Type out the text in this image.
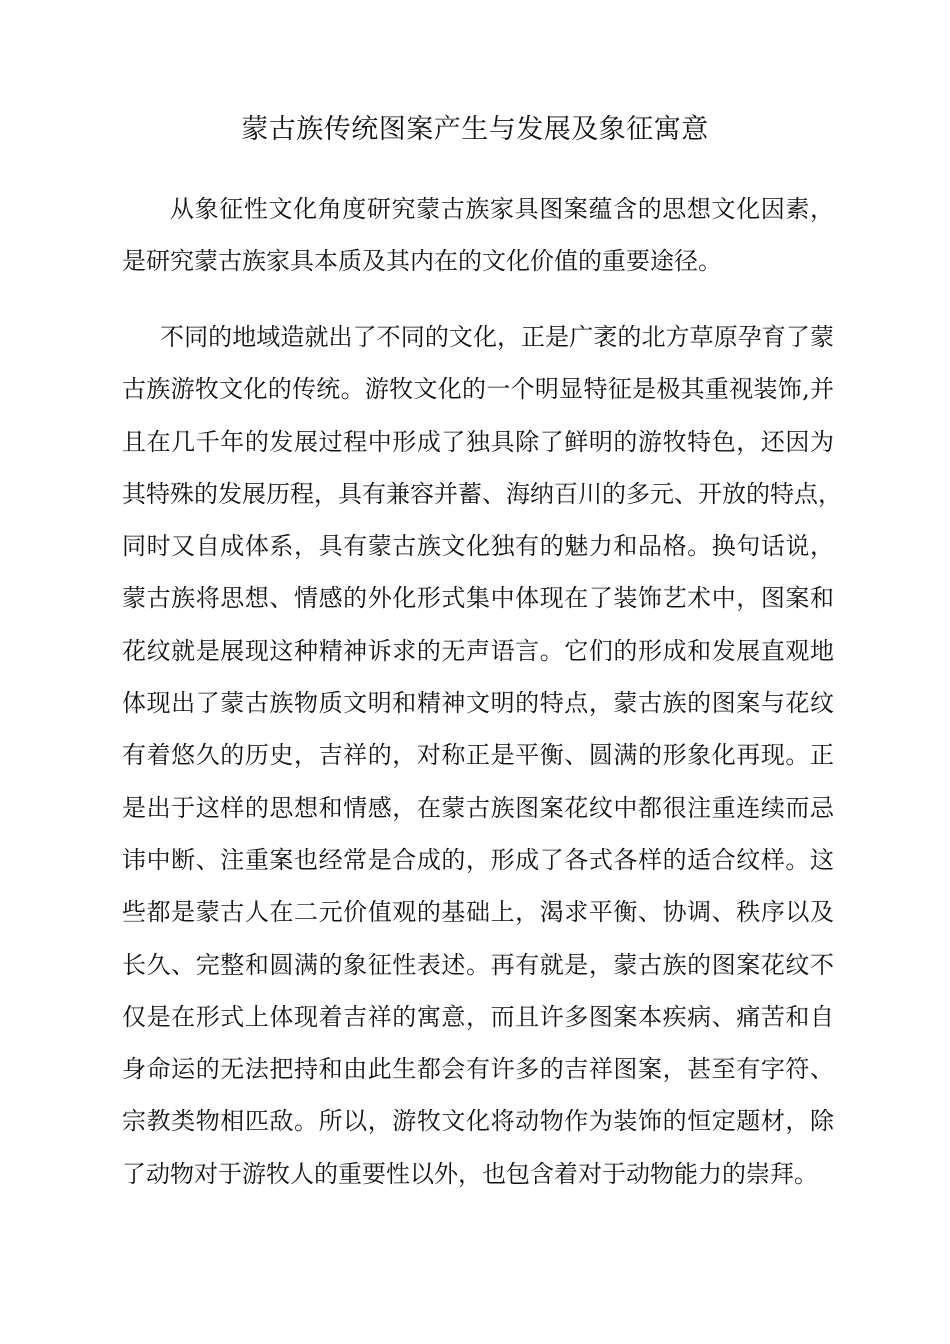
蒙古族传统图案产生与发展及象征寓意
从象征性文化角度研究蒙古族家具图案蕴含的思想文化因素，
是研究蒙古族家具本质及其内在的文化价值的重要途径。
不同的地域造就出了不同的文化，正是广袤的北方草原孕育了蒙
古族游牧文化的传统。游牧文化的一个明显特征是极其重视装饰,并
且在几千年的发展过程中形成了独具除了鲜明的游牧特色，还因为
其特殊的发展历程，具有兼容并蓄、海纳百川的多元、开放的特点，
同时又自成体系，具有蒙古族文化独有的魅力和品格。换句话说，
蒙古族将思想、情感的外化形式集中体现在了装饰艺术中，图案和
花纹就是展现这种精神诉求的无声语言。它们的形成和发展直观地
体现出了蒙古族物质文明和精神文明的特点，蒙古族的图案与花纹
有着悠久的历史，吉祥的，对称正是平衡、圆满的形象化再现。正
是出于这样的思想和情感，在蒙古族图案花纹中都很注重连续而忌
讳中断、注重案也经常是合成的，形成了各式各样的适合纹样。这
些都是蒙古人在二元价值观的基础上，渴求平衡、协调、秩序以及
长久、完整和圆满的象征性表述。再有就是，蒙古族的图案花纹不
仅是在形式上体现着吉祥的寓意，而且许多图案本疾病、痛苦和自
身命运的无法把持和由此生都会有许多的吉祥图案，甚至有字符、
宗教类物相匹敌。所以，游牧文化将动物作为装饰的恒定题材，除
了动物对于游牧人的重要性以外，也包含着对于动物能力的崇拜。
